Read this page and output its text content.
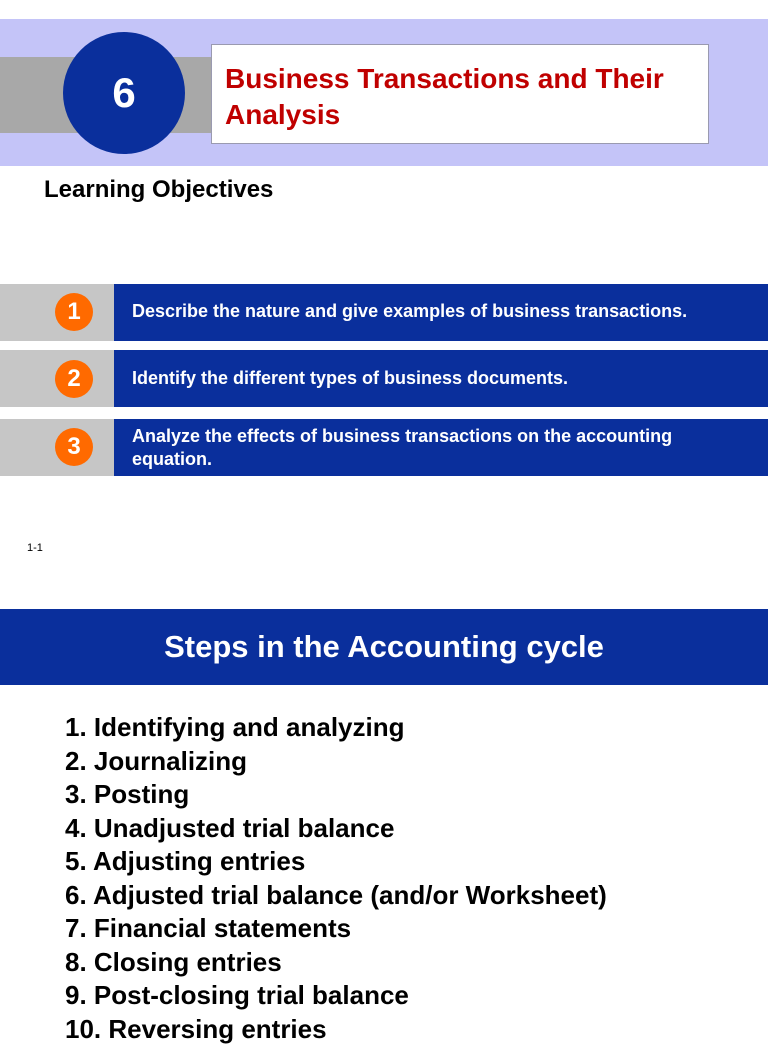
6	Business Transactions and Their Analysis
Learning Objectives
1	Describe the nature and give examples of business transactions.
2	Identify the different types of business documents.
3	Analyze the effects of business transactions on the accounting equation.
1-1
Steps in the Accounting cycle
1. Identifying and analyzing
2. Journalizing
3. Posting
4. Unadjusted trial balance
5. Adjusting entries
6. Adjusted trial balance (and/or Worksheet)
7. Financial statements
8. Closing entries
9. Post-closing trial balance
10. Reversing entries
